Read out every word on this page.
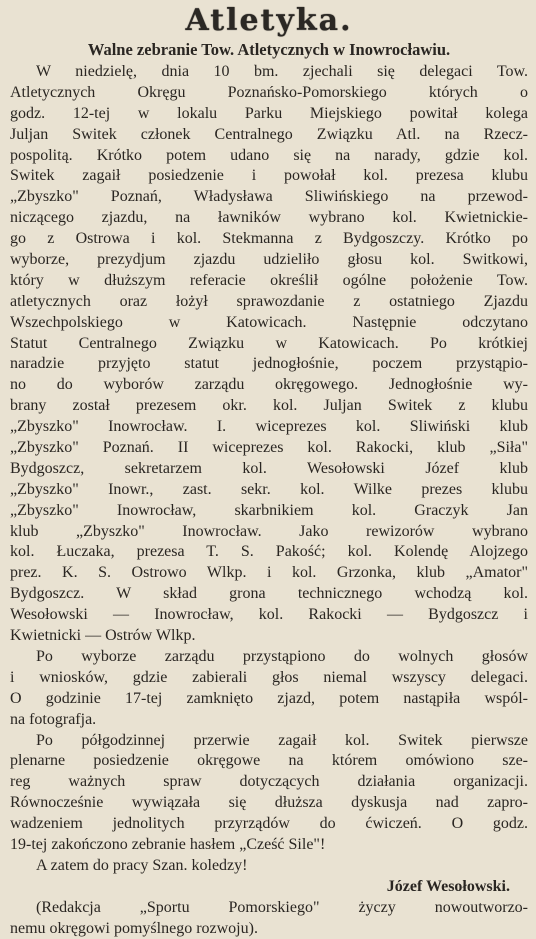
Atletyka.
Walne zebranie Tow. Atletycznych w Inowrocławiu.
W niedzielę, dnia 10 bm. zjechali się delegaci Tow.
Atletycznych Okręgu Poznańsko-Pomorskiego których o
godz. 12-tej w lokalu Parku Miejskiego powitał kolega
Juljan Switek członek Centralnego Związku Atl. na Rzecz-
pospolitą. Krótko potem udano się na narady, gdzie kol.
Switek zagaił posiedzenie i powołał kol. prezesa klubu
„Zbyszko" Poznań, Władysława Sliwińskiego na przewod-
niczącego zjazdu, na ławników wybrano kol. Kwietnickie-
go z Ostrowa i kol. Stekmanna z Bydgoszczy. Krótko po
wyborze, prezydjum zjazdu udzieliło głosu kol. Switkowi,
który w dłuższym referacie określił ogólne położenie Tow.
atletycznych oraz łożył sprawozdanie z ostatniego Zjazdu
Wszechpolskiego w Katowicach. Następnie odczytano
Statut Centralnego Związku w Katowicach. Po krótkiej
naradzie przyjęto statut jednogłośnie, poczem przystąpio-
no do wyborów zarządu okręgowego. Jednogłośnie wy-
brany został prezesem okr. kol. Juljan Switek z klubu
„Zbyszko" Inowrocław. I. wiceprezes kol. Sliwiński klub
„Zbyszko" Poznań. II wiceprezes kol. Rakocki, klub „Siła"
Bydgoszcz, sekretarzem kol. Wesołowski Józef klub
„Zbyszko" Inowr., zast. sekr. kol. Wilke prezes klubu
„Zbyszko" Inowrocław, skarbnikiem kol. Graczyk Jan
klub „Zbyszko" Inowrocław. Jako rewizorów wybrano
kol. Łuczaka, prezesa T. S. Pakość; kol. Kolendę Alojzego
prez. K. S. Ostrowo Wlkp. i kol. Grzonka, klub „Amator"
Bydgoszcz. W skład grona technicznego wchodzą kol.
Wesołowski — Inowrocław, kol. Rakocki — Bydgoszcz i
Kwietnicki — Ostrów Wlkp.
Po wyborze zarządu przystąpiono do wolnych głosów
i wniosków, gdzie zabierali głos niemal wszyscy delegaci.
O godzinie 17-tej zamknięto zjazd, potem nastąpiła wspól-
na fotografja.
Po półgodzinnej przerwie zagaił kol. Switek pierwsze
plenarne posiedzenie okręgowe na którem omówiono sze-
reg ważnych spraw dotyczących działania organizacji.
Równocześnie wywiązała się dłuższa dyskusja nad zapro-
wadzeniem jednolitych przyrządów do ćwiczeń. O godz.
19-tej zakończono zebranie hasłem „Cześć Sile"!
A zatem do pracy Szan. koledzy!
Józef Wesołowski.
(Redakcja „Sportu Pomorskiego" życzy nowoutworzo-
nemu okręgowi pomyślnego rozwoju).
